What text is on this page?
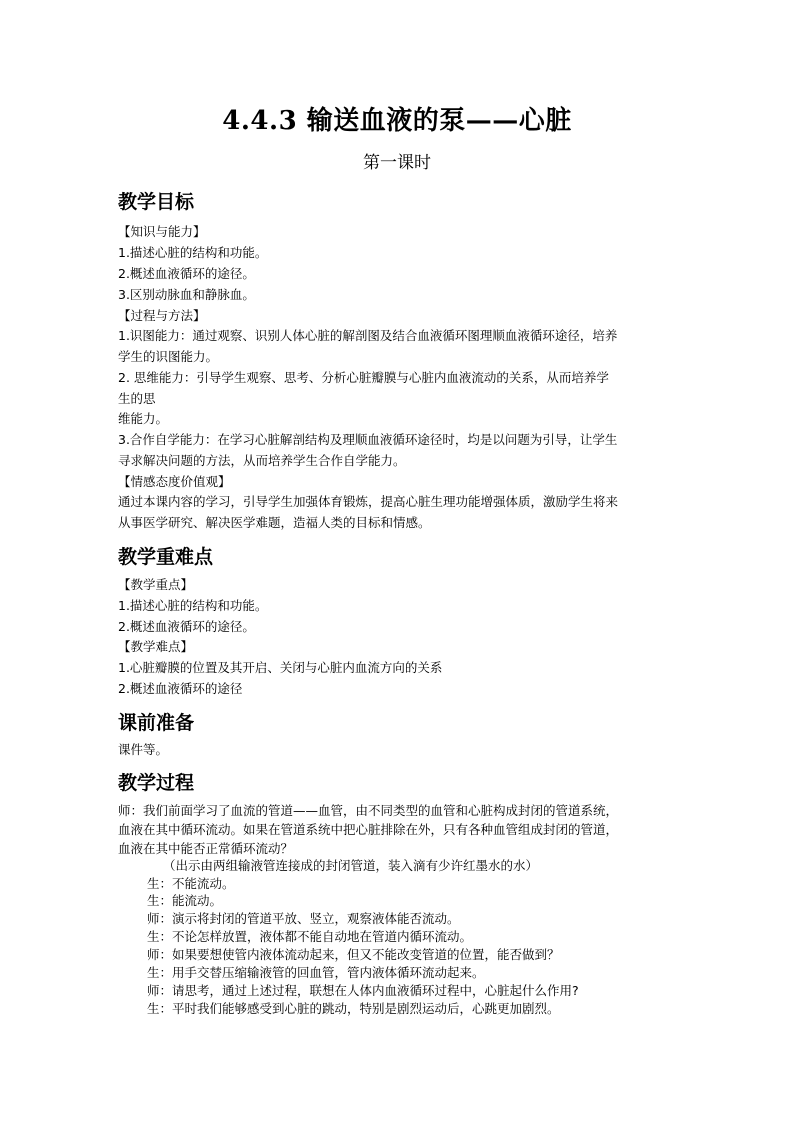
4.4.3 输送血液的泵——心脏
第一课时
教学目标
【知识与能力】
1.描述心脏的结构和功能。
2.概述血液循环的途径。
3.区别动脉血和静脉血。
【过程与方法】
1.识图能力：通过观察、识别人体心脏的解剖图及结合血液循环图理顺血液循环途径，培养
学生的识图能力。
2. 思维能力：引导学生观察、思考、分析心脏瓣膜与心脏内血液流动的关系，从而培养学
生的思
维能力。
3.合作自学能力：在学习心脏解剖结构及理顺血液循环途径时，均是以问题为引导，让学生
寻求解决问题的方法，从而培养学生合作自学能力。
【情感态度价值观】
通过本课内容的学习，引导学生加强体育锻炼，提高心脏生理功能增强体质，激励学生将来
从事医学研究、解决医学难题，造福人类的目标和情感。
教学重难点
【教学重点】
1.描述心脏的结构和功能。
2.概述血液循环的途径。
【教学难点】
1.心脏瓣膜的位置及其开启、关闭与心脏内血流方向的关系
2.概述血液循环的途径
课前准备
课件等。
教学过程
师：我们前面学习了血流的管道——血管，由不同类型的血管和心脏构成封闭的管道系统，
血液在其中循环流动。如果在管道系统中把心脏排除在外，只有各种血管组成封闭的管道，
血液在其中能否正常循环流动？
（出示由两组输液管连接成的封闭管道，装入滴有少许红墨水的水）
生：不能流动。
生：能流动。
师：演示将封闭的管道平放、竖立，观察液体能否流动。
生：不论怎样放置，液体都不能自动地在管道内循环流动。
师：如果要想使管内液体流动起来，但又不能改变管道的位置，能否做到？
生：用手交替压缩输液管的回血管，管内液体循环流动起来。
师：请思考，通过上述过程，联想在人体内血液循环过程中，心脏起什么作用?
生：平时我们能够感受到心脏的跳动，特别是剧烈运动后，心跳更加剧烈。
